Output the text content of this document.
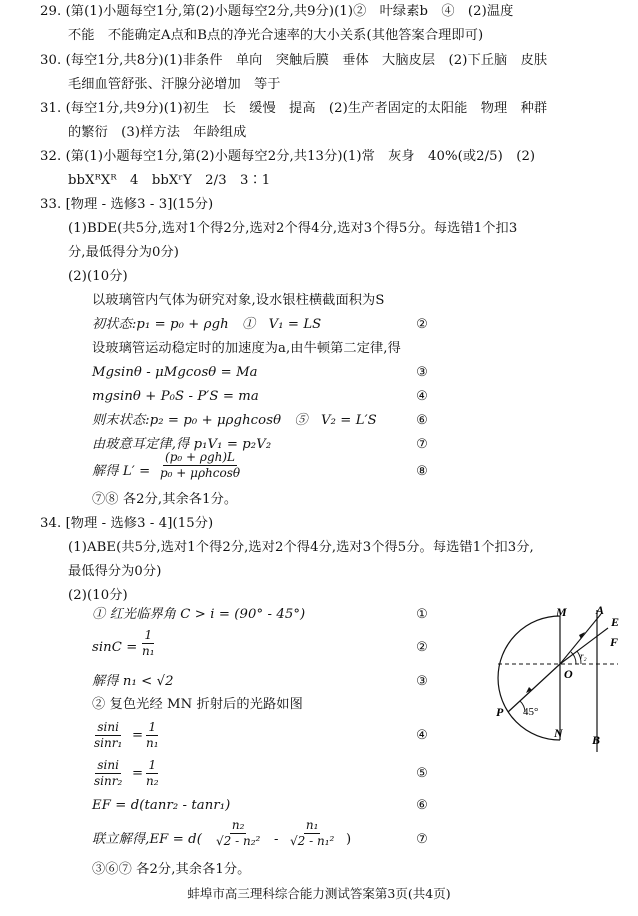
29. (第(1)小题每空1分,第(2)小题每空2分,共9分)(1)②　叶绿素b　④　(2)温度
不能　不能确定A点和B点的净光合速率的大小关系(其他答案合理即可)
30. (每空1分,共8分)(1)非条件　单向　突触后膜　垂体　大脑皮层　(2)下丘脑　皮肤
毛细血管舒张、汗腺分泌增加　等于
31. (每空1分,共9分)(1)初生　长　缓慢　提高　(2)生产者固定的太阳能　物理　种群
的繁衍　(3)样方法　年龄组成
32. (第(1)小题每空1分,第(2)小题每空2分,共13分)(1)常　灰身　40%(或2/5)　(2)
bbXᴿXᴿ　4　bbXʳY　2/3　3∶1
33. [物理 - 选修3 - 3](15分)
(1)BDE(共5分,选对1个得2分,选对2个得4分,选对3个得5分。每选错1个扣3
分,最低得分为0分)
(2)(10分)
以玻璃管内气体为研究对象,设水银柱横截面积为S
初状态:p₁ = p₀ + ρgh　①　V₁ = LS	②
设玻璃管运动稳定时的加速度为a,由牛顿第二定律,得
Mgsinθ - μMgcosθ = Ma	③
mgsinθ + P₀S - P′S = ma	④
则末状态:p₂ = p₀ + μρghcosθ　⑤　V₂ = L′S	⑥
由玻意耳定律,得 p₁V₁ = p₂V₂	⑦
解得 L′ =
(p₀ + ρgh)L
p₀ + μρhcosθ	⑧
⑦⑧ 各2分,其余各1分。
34. [物理 - 选修3 - 4](15分)
(1)ABE(共5分,选对1个得2分,选对2个得4分,选对3个得5分。每选错1个扣3分,
最低得分为0分)
(2)(10分)
① 红光临界角 C > i = (90° - 45°)	①
$\sin C = \frac{1}{\text{n₁}}$	②
解得 n₁ < √2	③
② 复色光经 MN 折射后的光路如图
$\frac{\sin i}{\text{sinr₁}} = \frac{1}{\text{n₁}}$	④
$\frac{\sin i}{\text{sinr₂}} = \frac{1}{\text{n₂}}$	⑤
EF = d(tanr₂ - tanr₁)	⑥
联立解得$,EF = d( \frac{\text{n₂}}{\text{√2 - n₂²}} - \frac{\text{n₁}}{\text{√2 - n₁²}}$ )	⑦
③⑥⑦ 各2分,其余各1分。
M A
E
F
r₂
O
P 45°
N B
蚌埠市高三理科综合能力测试答案第3页(共4页)
